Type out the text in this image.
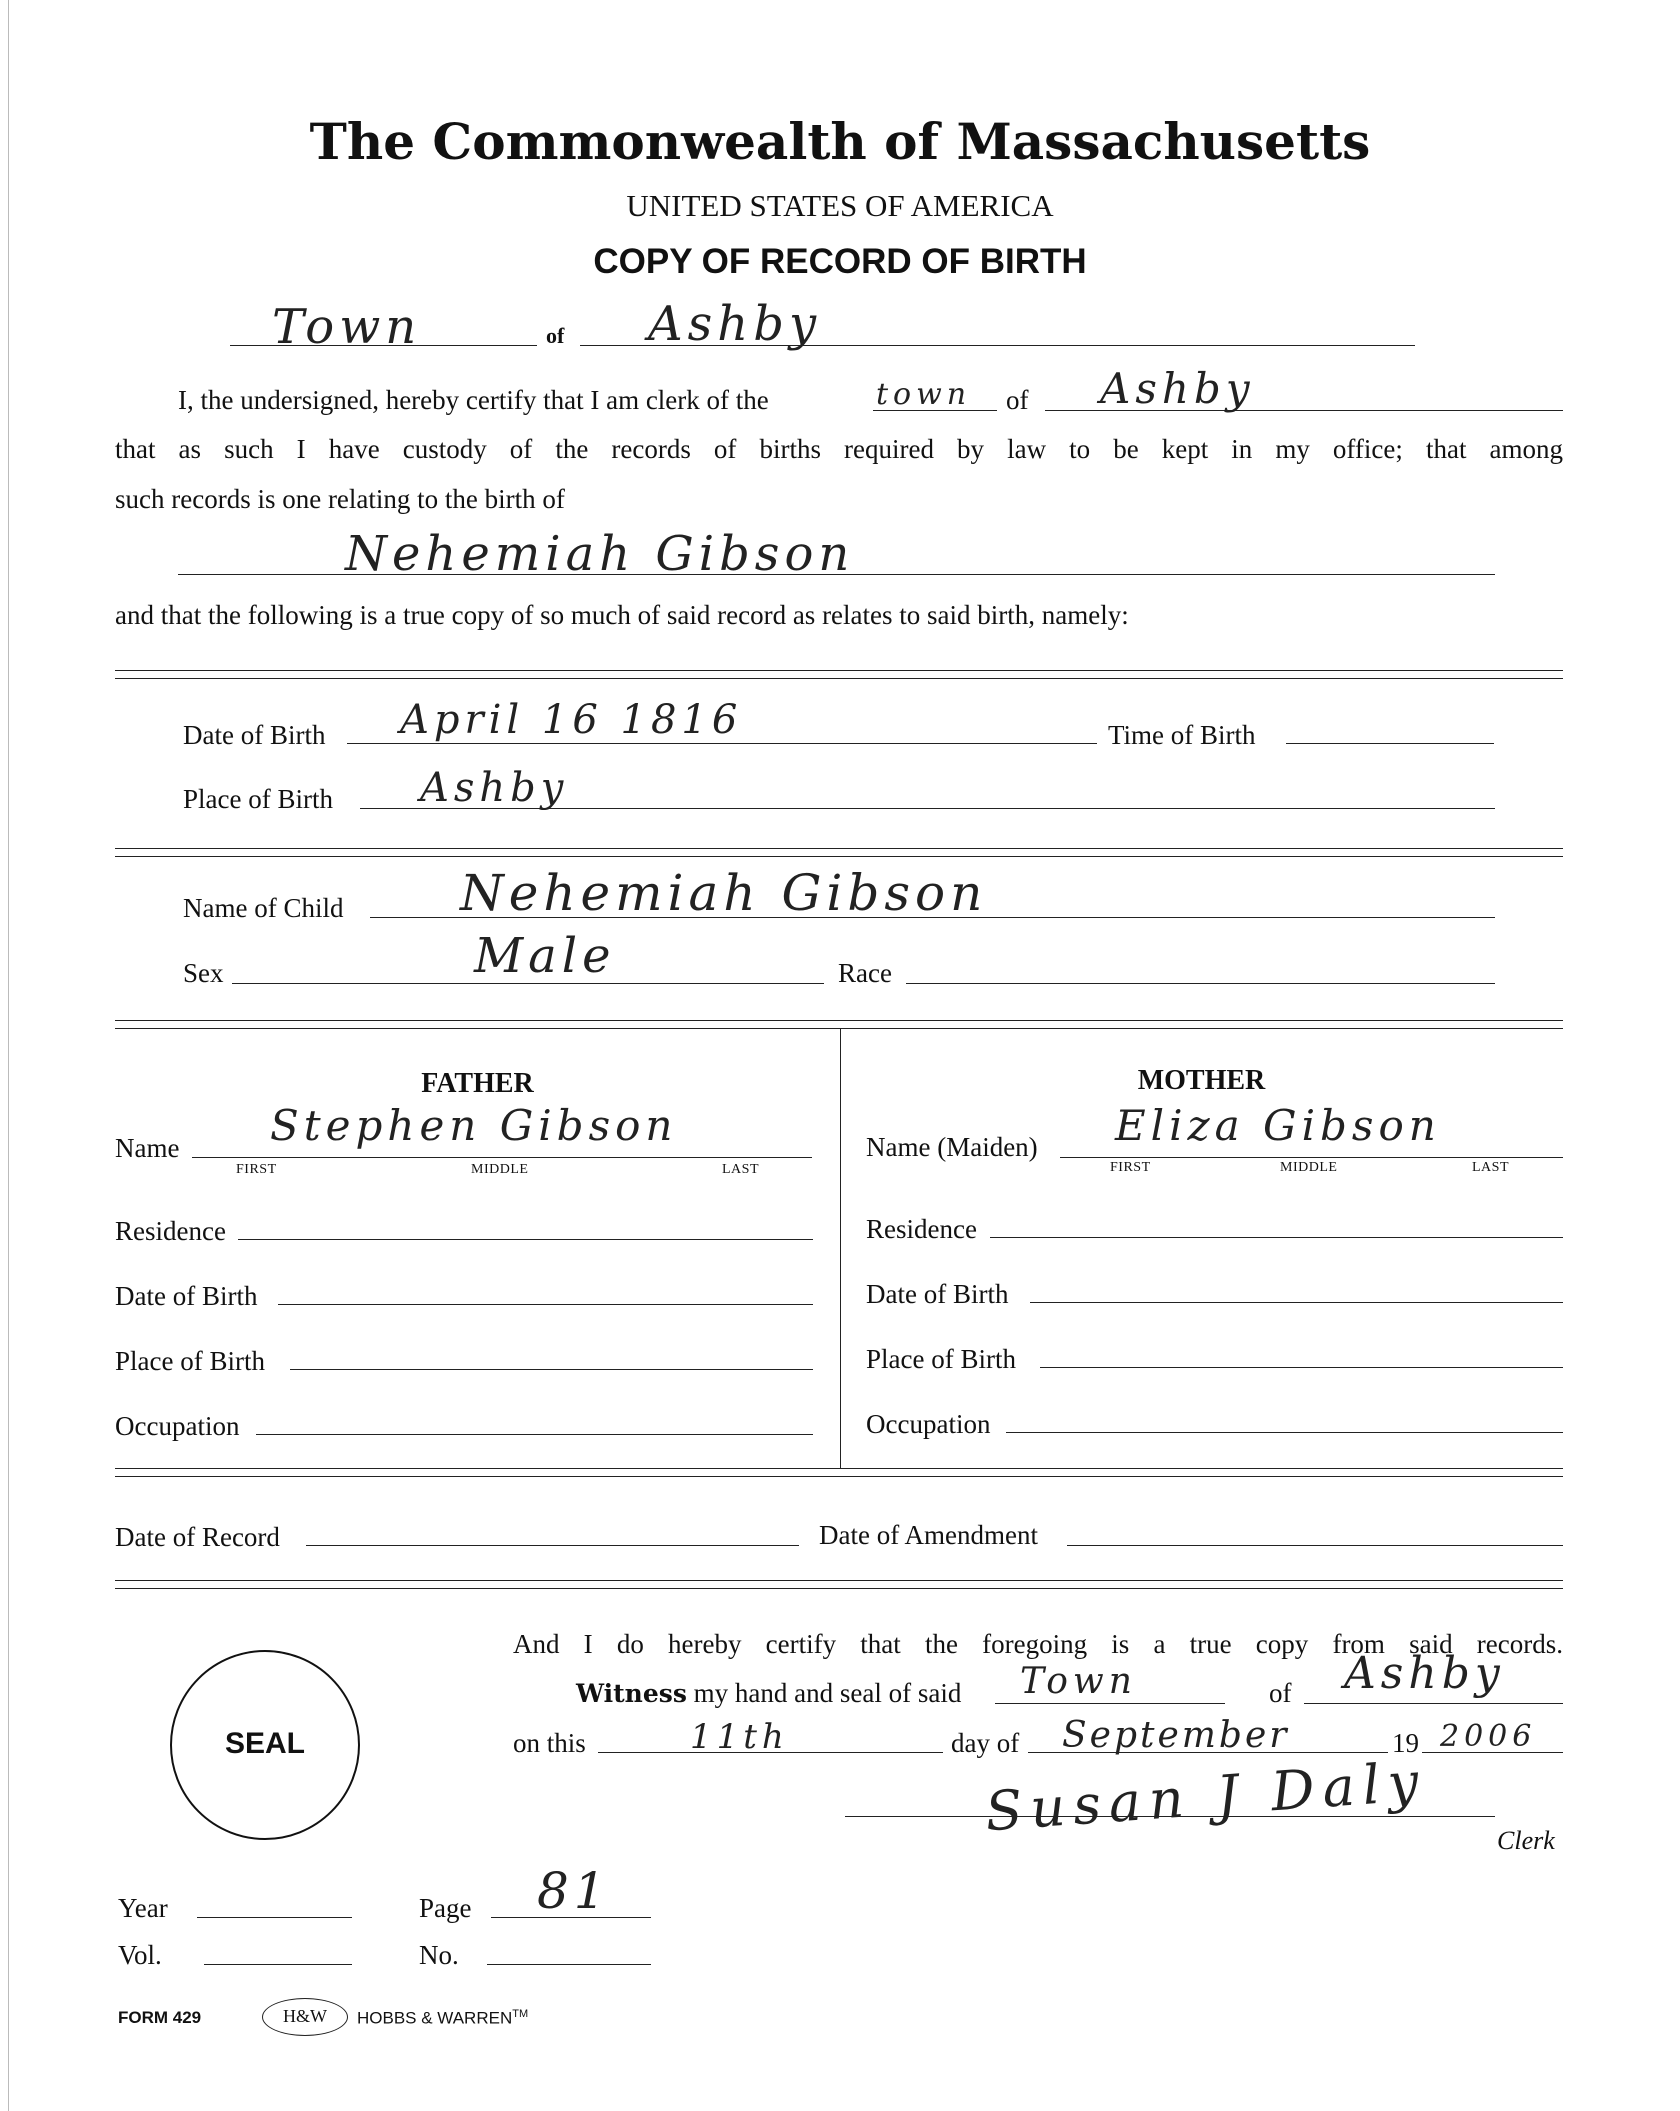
The Commonwealth of Massachusetts
UNITED STATES OF AMERICA
COPY OF RECORD OF BIRTH
Town	of Ashby
I, the undersigned, hereby certify that I am clerk of the	town of Ashby
that as such I have custody of the records of births required by law to be kept in my office; that among
such records is one relating to the birth of
Nehemiah Gibson
and that the following is a true copy of so much of said record as relates to said birth, namely:
Date of Birth April 16 1816	Time of Birth
Place of Birth Ashby
Name of Child Nehemiah Gibson
Sex	Male	Race
FATHER
Name Stephen Gibson
FIRST	MIDDLE	LAST
Residence
Date of Birth
Place of Birth
Occupation
MOTHER
Name (Maiden) Eliza Gibson
FIRST	MIDDLE	LAST
Residence
Date of Birth
Place of Birth
Occupation
Date of Record	Date of Amendment
SEAL
And I do hereby certify that the foregoing is a true copy from said records.
Witness my hand and seal of said Town	of Ashby
on this	11th	day of September	19 2006
Susan J Daly	Clerk
Year	Page 81
Vol.	No.
FORM 429	H&W	HOBBS & WARREN™
